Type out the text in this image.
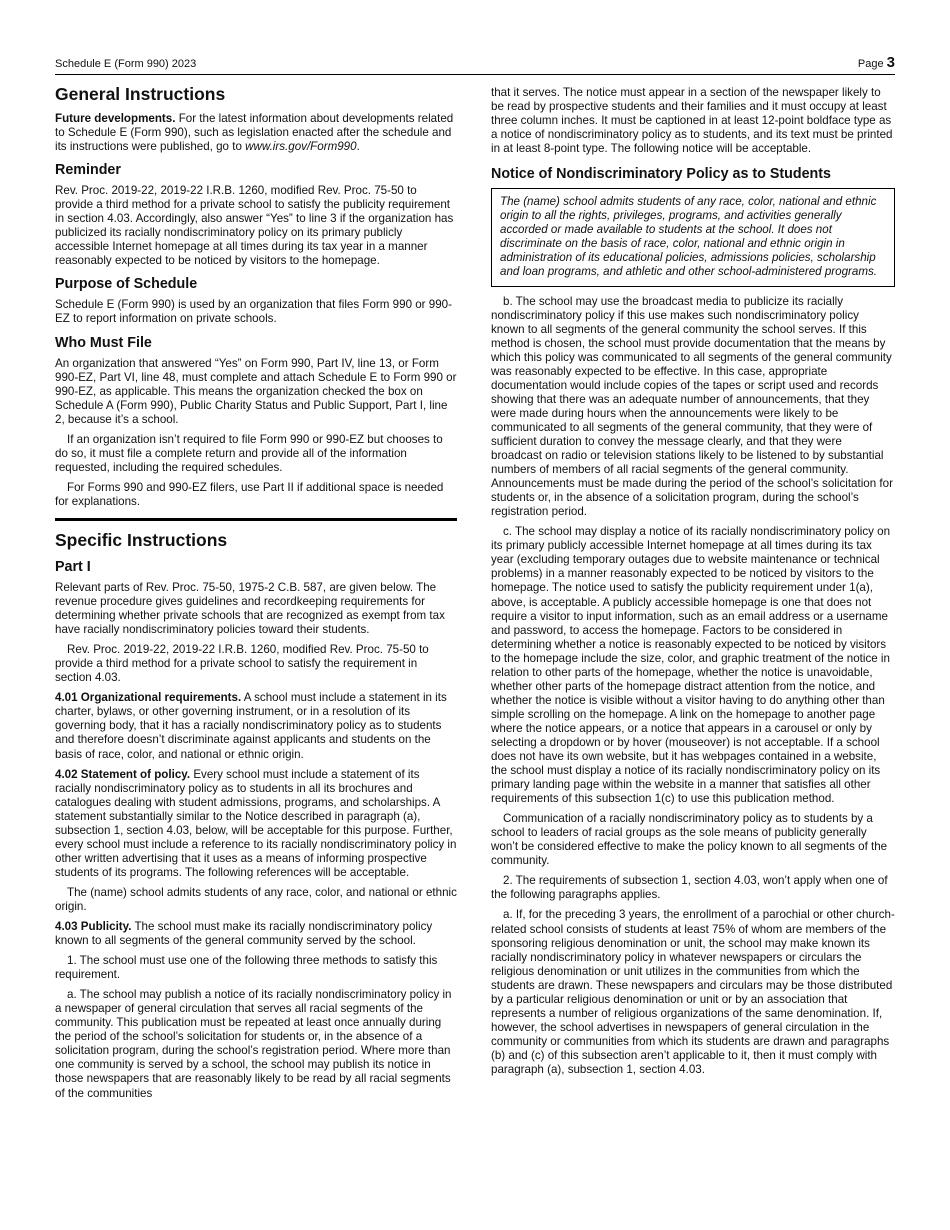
Schedule E (Form 990) 2023	Page 3
General Instructions

Future developments. For the latest information about developments related to Schedule E (Form 990), such as legislation enacted after the schedule and its instructions were published, go to www.irs.gov/Form990.

Reminder

Rev. Proc. 2019-22, 2019-22 I.R.B. 1260, modified Rev. Proc. 75-50 to provide a third method for a private school to satisfy the publicity requirement in section 4.03. Accordingly, also answer “Yes” to line 3 if the organization has publicized its racially nondiscriminatory policy on its primary publicly accessible Internet homepage at all times during its tax year in a manner reasonably expected to be noticed by visitors to the homepage.

Purpose of Schedule

Schedule E (Form 990) is used by an organization that files Form 990 or 990-EZ to report information on private schools.

Who Must File

An organization that answered “Yes” on Form 990, Part IV, line 13, or Form 990-EZ, Part VI, line 48, must complete and attach Schedule E to Form 990 or 990-EZ, as applicable. This means the organization checked the box on Schedule A (Form 990), Public Charity Status and Public Support, Part I, line 2, because it’s a school.

If an organization isn’t required to file Form 990 or 990-EZ but chooses to do so, it must file a complete return and provide all of the information requested, including the required schedules.

For Forms 990 and 990-EZ filers, use Part II if additional space is needed for explanations.

Specific Instructions
Part I

Relevant parts of Rev. Proc. 75-50, 1975-2 C.B. 587, are given below. The revenue procedure gives guidelines and recordkeeping requirements for determining whether private schools that are recognized as exempt from tax have racially nondiscriminatory policies toward their students.

Rev. Proc. 2019-22, 2019-22 I.R.B. 1260, modified Rev. Proc. 75-50 to provide a third method for a private school to satisfy the requirement in section 4.03.

4.01 Organizational requirements. A school must include a statement in its charter, bylaws, or other governing instrument, or in a resolution of its governing body, that it has a racially nondiscriminatory policy as to students and therefore doesn’t discriminate against applicants and students on the basis of race, color, and national or ethnic origin.

4.02 Statement of policy. Every school must include a statement of its racially nondiscriminatory policy as to students in all its brochures and catalogues dealing with student admissions, programs, and scholarships. A statement substantially similar to the Notice described in paragraph (a), subsection 1, section 4.03, below, will be acceptable for this purpose. Further, every school must include a reference to its racially nondiscriminatory policy in other written advertising that it uses as a means of informing prospective students of its programs. The following references will be acceptable.

The (name) school admits students of any race, color, and national or ethnic origin.

4.03 Publicity. The school must make its racially nondiscriminatory policy known to all segments of the general community served by the school.

1. The school must use one of the following three methods to satisfy this requirement.

a. The school may publish a notice of its racially nondiscriminatory policy in a newspaper of general circulation that serves all racial segments of the community. This publication must be repeated at least once annually during the period of the school’s solicitation for students or, in the absence of a solicitation program, during the school’s registration period. Where more than one community is served by a school, the school may publish its notice in those newspapers that are reasonably likely to be read by all racial segments of the communities

that it serves. The notice must appear in a section of the newspaper likely to be read by prospective students and their families and it must occupy at least three column inches. It must be captioned in at least 12-point boldface type as a notice of nondiscriminatory policy as to students, and its text must be printed in at least 8-point type. The following notice will be acceptable.

Notice of Nondiscriminatory Policy as to Students

The (name) school admits students of any race, color, national and ethnic origin to all the rights, privileges, programs, and activities generally accorded or made available to students at the school. It does not discriminate on the basis of race, color, national and ethnic origin in administration of its educational policies, admissions policies, scholarship and loan programs, and athletic and other school-administered programs.

b. The school may use the broadcast media to publicize its racially nondiscriminatory policy if this use makes such nondiscriminatory policy known to all segments of the general community the school serves. If this method is chosen, the school must provide documentation that the means by which this policy was communicated to all segments of the general community was reasonably expected to be effective. In this case, appropriate documentation would include copies of the tapes or script used and records showing that there was an adequate number of announcements, that they were made during hours when the announcements were likely to be communicated to all segments of the general community, that they were of sufficient duration to convey the message clearly, and that they were broadcast on radio or television stations likely to be listened to by substantial numbers of members of all racial segments of the general community. Announcements must be made during the period of the school’s solicitation for students or, in the absence of a solicitation program, during the school’s registration period.

c. The school may display a notice of its racially nondiscriminatory policy on its primary publicly accessible Internet homepage at all times during its tax year (excluding temporary outages due to website maintenance or technical problems) in a manner reasonably expected to be noticed by visitors to the homepage. The notice used to satisfy the publicity requirement under 1(a), above, is acceptable. A publicly accessible homepage is one that does not require a visitor to input information, such as an email address or a username and password, to access the homepage. Factors to be considered in determining whether a notice is reasonably expected to be noticed by visitors to the homepage include the size, color, and graphic treatment of the notice in relation to other parts of the homepage, whether the notice is unavoidable, whether other parts of the homepage distract attention from the notice, and whether the notice is visible without a visitor having to do anything other than simple scrolling on the homepage. A link on the homepage to another page where the notice appears, or a notice that appears in a carousel or only by selecting a dropdown or by hover (mouseover) is not acceptable. If a school does not have its own website, but it has webpages contained in a website, the school must display a notice of its racially nondiscriminatory policy on its primary landing page within the website in a manner that satisfies all other requirements of this subsection 1(c) to use this publication method.

Communication of a racially nondiscriminatory policy as to students by a school to leaders of racial groups as the sole means of publicity generally won’t be considered effective to make the policy known to all segments of the community.

2. The requirements of subsection 1, section 4.03, won’t apply when one of the following paragraphs applies.

a. If, for the preceding 3 years, the enrollment of a parochial or other church-related school consists of students at least 75% of whom are members of the sponsoring religious denomination or unit, the school may make known its racially nondiscriminatory policy in whatever newspapers or circulars the religious denomination or unit utilizes in the communities from which the students are drawn. These newspapers and circulars may be those distributed by a particular religious denomination or unit or by an association that represents a number of religious organizations of the same denomination. If, however, the school advertises in newspapers of general circulation in the community or communities from which its students are drawn and paragraphs (b) and (c) of this subsection aren’t applicable to it, then it must comply with paragraph (a), subsection 1, section 4.03.
